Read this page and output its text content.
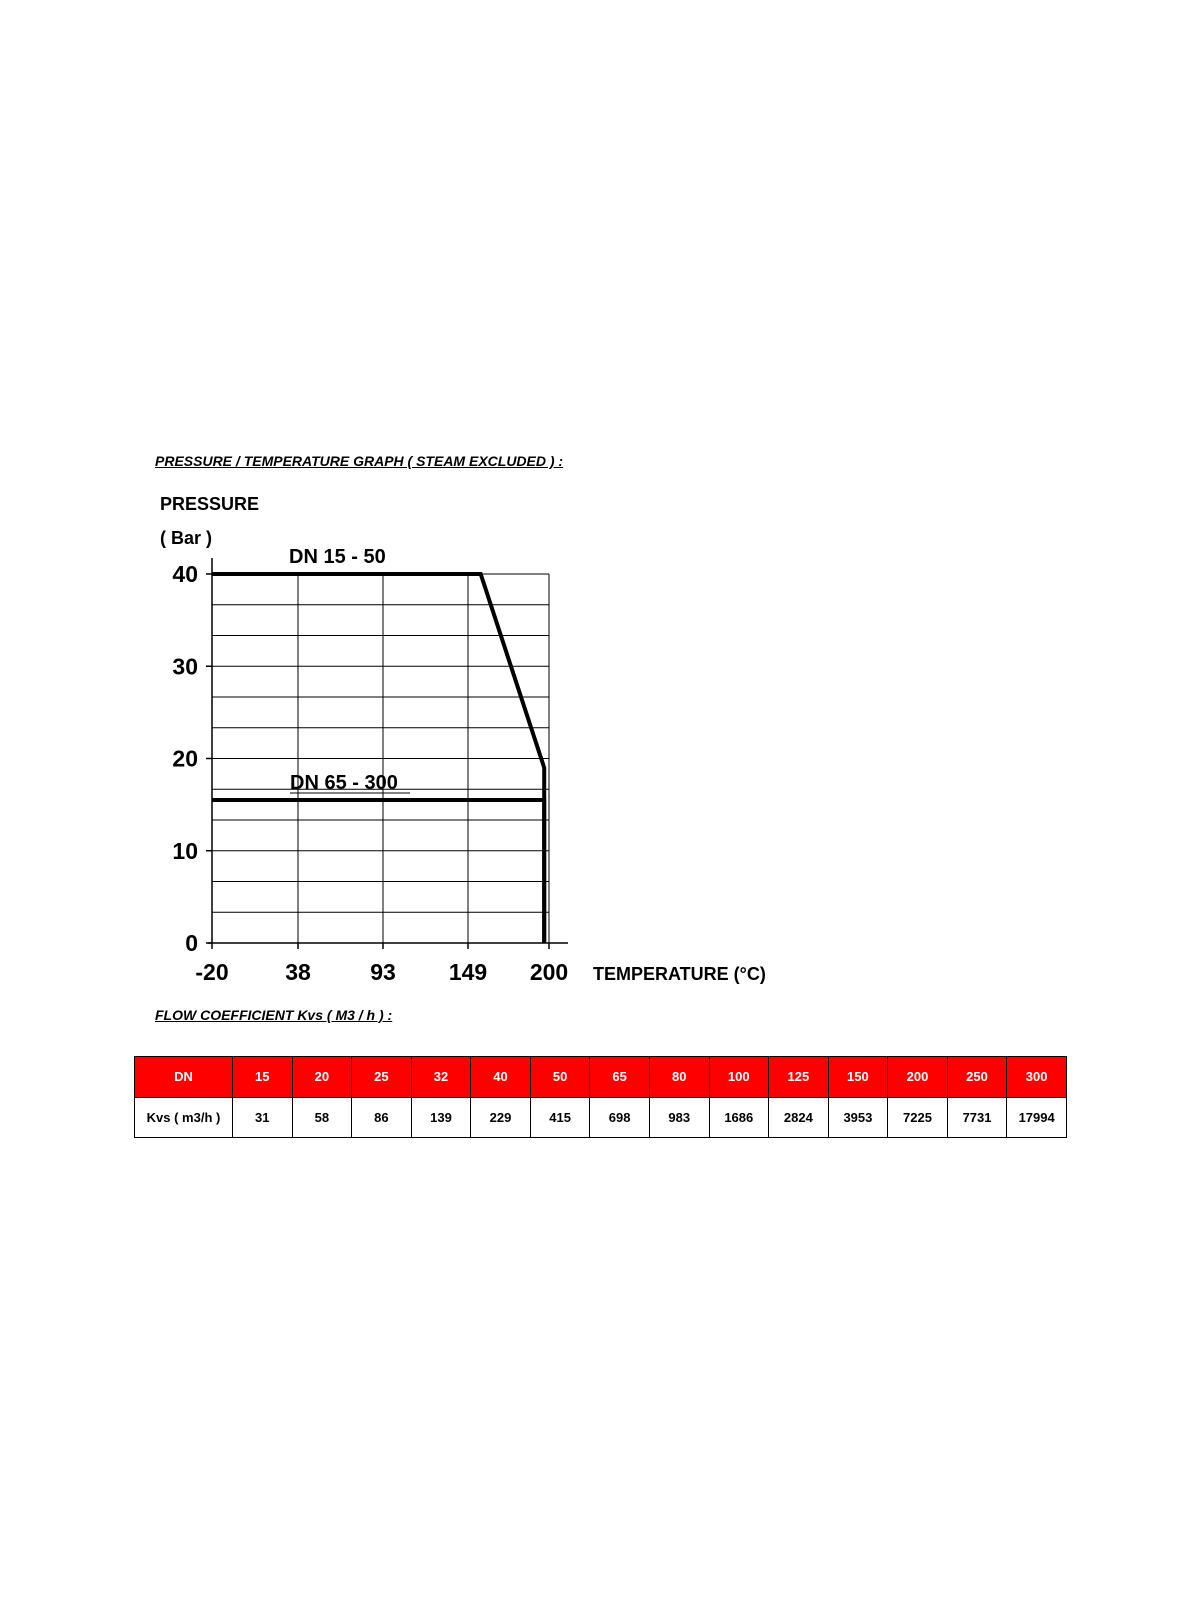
PRESSURE / TEMPERATURE GRAPH ( STEAM EXCLUDED ) :

PRESSURE
( Bar )
TEMPERATURE (°C)
0
10
20
30
40
-20 38	93 149 200
DN 15 - 50
DN 65 - 300

FLOW COEFFICIENT Kvs ( M3 / h ) :

DN	15	20	25	32	40	50	65	80	100	125	150	200	250	300
Kvs ( m3/h )	31	58	86	139	229	415	698	983	1686	2824	3953	7225	7731	17994
